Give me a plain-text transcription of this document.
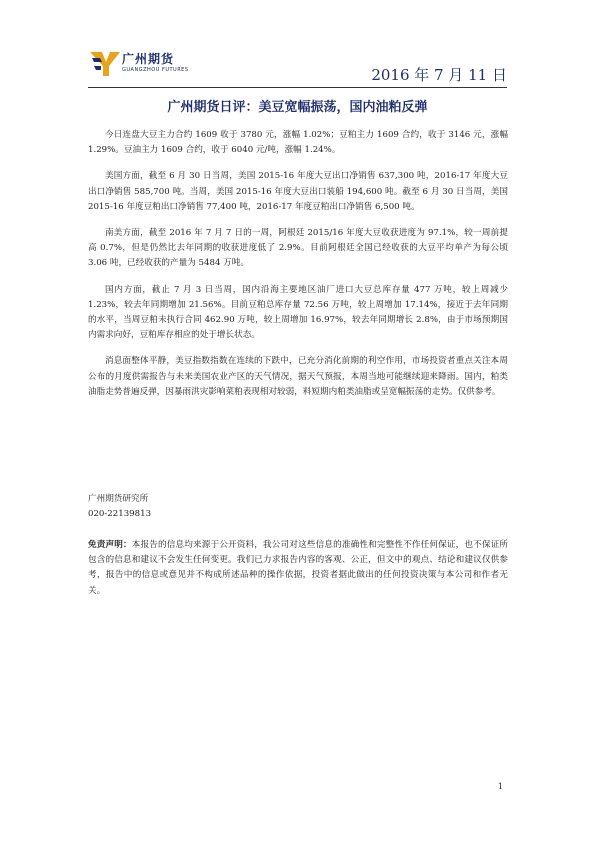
广州期货
GUANGZHOU FUTURES	2016 年 7 月 11 日
广州期货日评：美豆宽幅振荡，国内油粕反弹

今日连盘大豆主力合约 1609 收于 3780 元，涨幅 1.02%；豆粕主力 1609 合约，收于 3146 元，涨幅 1.29%。豆油主力 1609 合约，收于 6040 元/吨，涨幅 1.24%。

美国方面，截至 6 月 30 日当周，美国 2015-16 年度大豆出口净销售 637,300 吨，2016-17 年度大豆出口净销售 585,700 吨。当周，美国 2015-16 年度大豆出口装船 194,600 吨。截至 6 月 30 日当周，美国 2015-16 年度豆粕出口净销售 77,400 吨，2016-17 年度豆粕出口净销售 6,500 吨。

南美方面，截至 2016 年 7 月 7 日的一周，阿根廷 2015/16 年度大豆收获进度为 97.1%，较一周前提高 0.7%，但是仍然比去年同期的收获进度低了 2.9%。目前阿根廷全国已经收获的大豆平均单产为每公顷 3.06 吨，已经收获的产量为 5484 万吨。

国内方面，截止 7 月 3 日当周，国内沿海主要地区油厂进口大豆总库存量 477 万吨，较上周减少 1.23%，较去年同期增加 21.56%。目前豆粕总库存量 72.56 万吨，较上周增加 17.14%，接近于去年同期的水平，当周豆粕未执行合同 462.90 万吨，较上周增加 16.97%，较去年同期增长 2.8%，由于市场预期国内需求向好，豆粕库存相应的处于增长状态。

消息面整体平静，美豆指数指数在连续的下跌中，已充分消化前期的利空作用，市场投资者重点关注本周公布的月度供需报告与未来美国农业产区的天气情况，据天气预报，本周当地可能继续迎来降雨。国内，粕类油脂走势普遍反弹，因暴雨洪灾影响菜粕表现相对较弱，料短期内粕类油脂或呈宽幅振荡的走势。仅供参考。

广州期货研究所
020-22139813
免责声明：本报告的信息均来源于公开资料，我公司对这些信息的准确性和完整性不作任何保证，也不保证所包含的信息和建议不会发生任何变更。我们已力求报告内容的客观、公正，但文中的观点、结论和建议仅供参考，报告中的信息或意见并不构成所述品种的操作依据，投资者据此做出的任何投资决策与本公司和作者无关。
1
